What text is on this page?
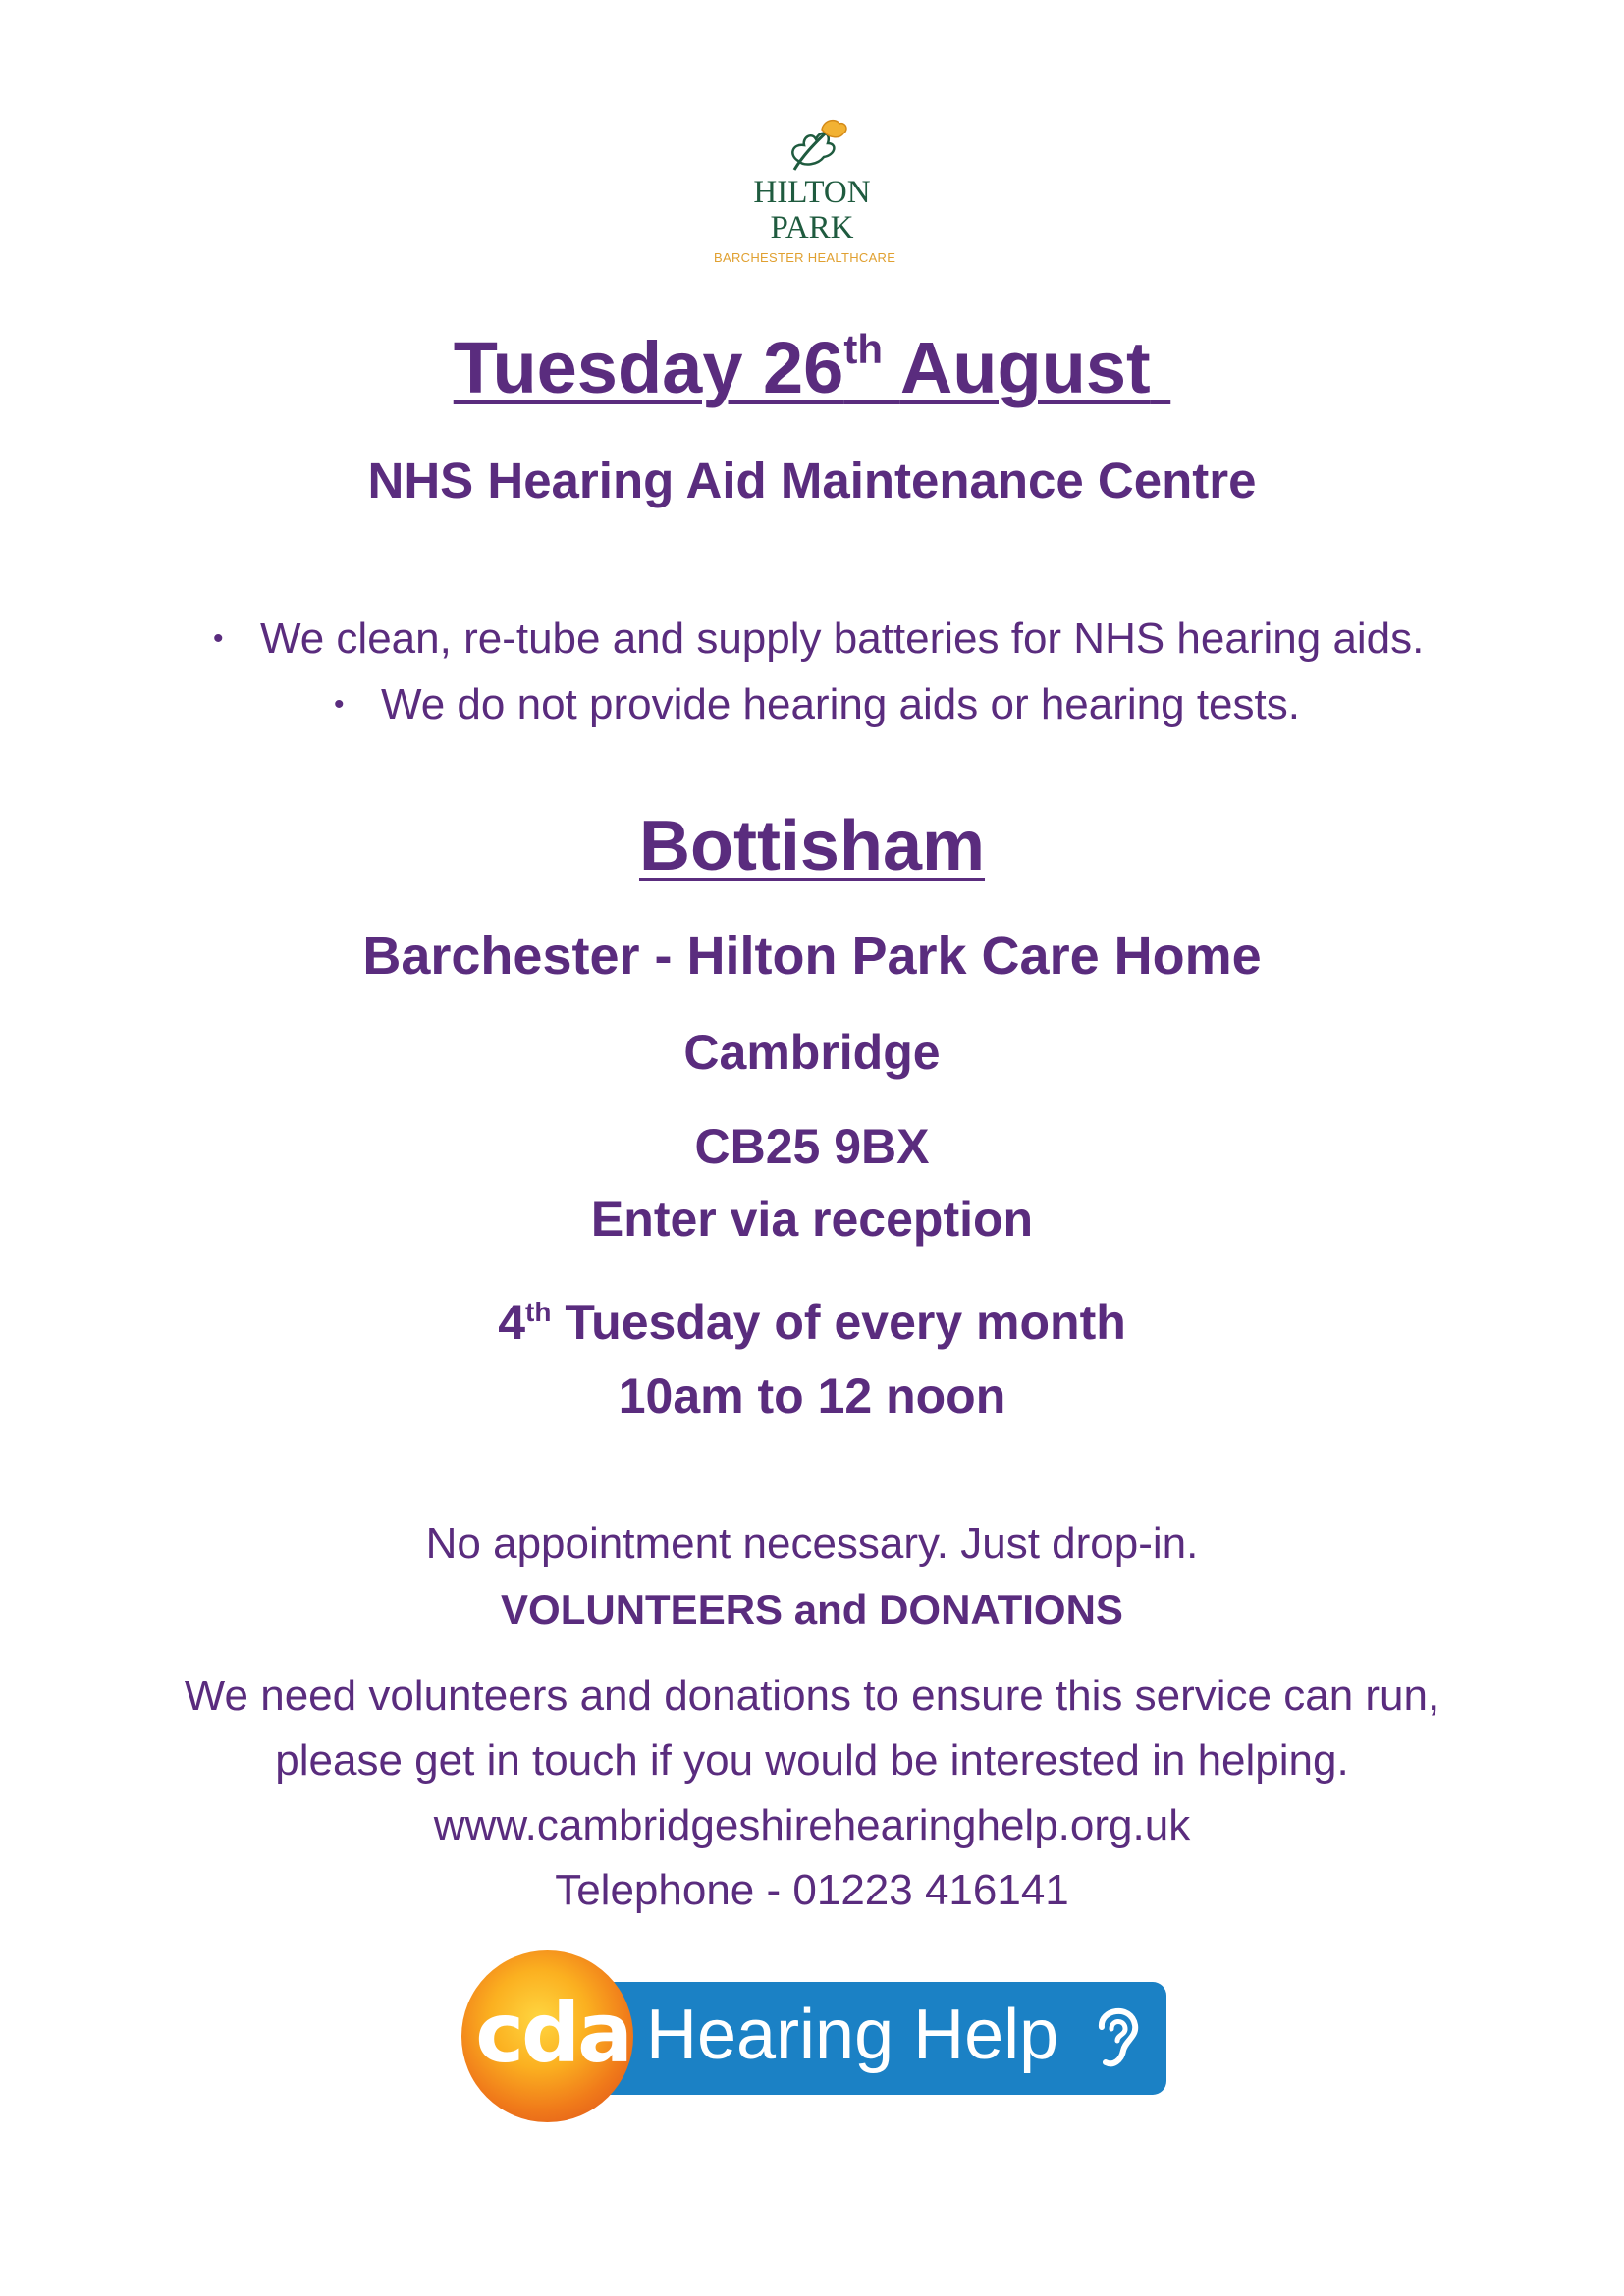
HILTON
PARK
BARCHESTER HEALTHCARE
Tuesday 26th August
NHS Hearing Aid Maintenance Centre
• We clean, re-tube and supply batteries for NHS hearing aids.
• We do not provide hearing aids or hearing tests.
Bottisham
Barchester - Hilton Park Care Home
Cambridge
CB25 9BX
Enter via reception
4th Tuesday of every month
10am to 12 noon
No appointment necessary. Just drop-in.
VOLUNTEERS and DONATIONS
We need volunteers and donations to ensure this service can run,
please get in touch if you would be interested in helping.
www.cambridgeshirehearinghelp.org.uk
Telephone - 01223 416141
cda Hearing Help
